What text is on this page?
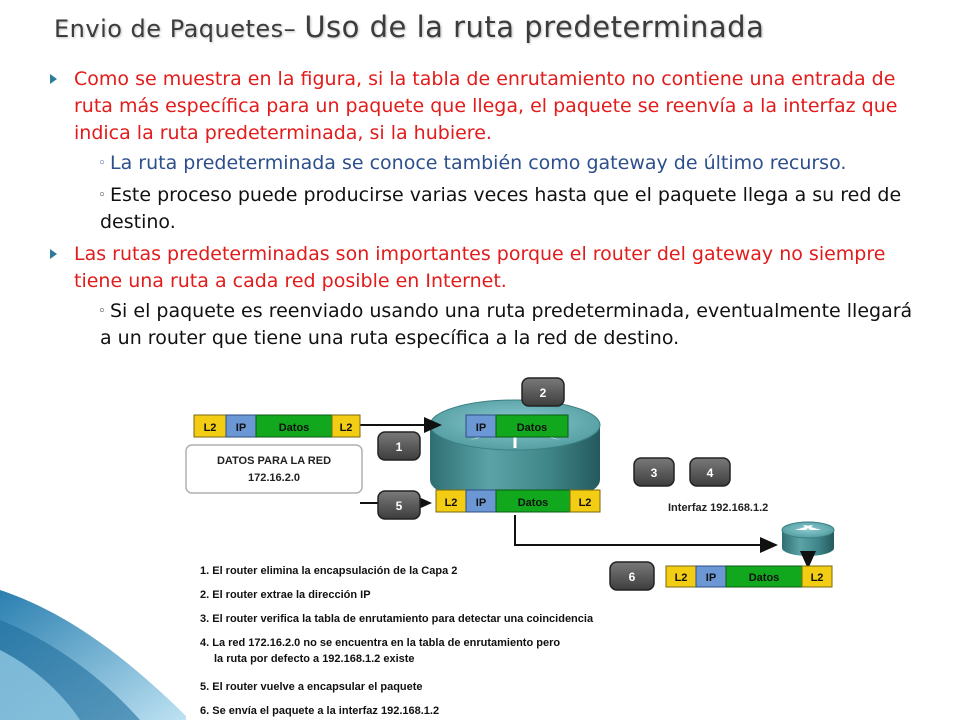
Envio de Paquetes– Uso de la ruta predeterminada
Como se muestra en la figura, si la tabla de enrutamiento no contiene una entrada de ruta más específica para un paquete que llega, el paquete se reenvía a la interfaz que indica la ruta predeterminada, si la hubiere.
◦ La ruta predeterminada se conoce también como gateway de último recurso.
◦ Este proceso puede producirse varias veces hasta que el paquete llega a su red de destino.
Las rutas predeterminadas son importantes porque el router del gateway no siempre tiene una ruta a cada red posible en Internet.
◦ Si el paquete es reenviado usando una ruta predeterminada, eventualmente llegará a un router que tiene una ruta específica a la red de destino.
L2 IP	Datos	L2	IP	Datos
L2 IP	Datos	L2
L2 IP	Datos	L2
DATOS PARA LA RED
172.16.2.0
Interfaz 192.168.1.2
1
2
3	4
5
6
1. El router elimina la encapsulación de la Capa 2
2. El router extrae la dirección IP
3. El router verifica la tabla de enrutamiento para detectar una coincidencia
4. La red 172.16.2.0 no se encuentra en la tabla de enrutamiento pero
la ruta por defecto a 192.168.1.2 existe
5. El router vuelve a encapsular el paquete
6. Se envía el paquete a la interfaz 192.168.1.2
